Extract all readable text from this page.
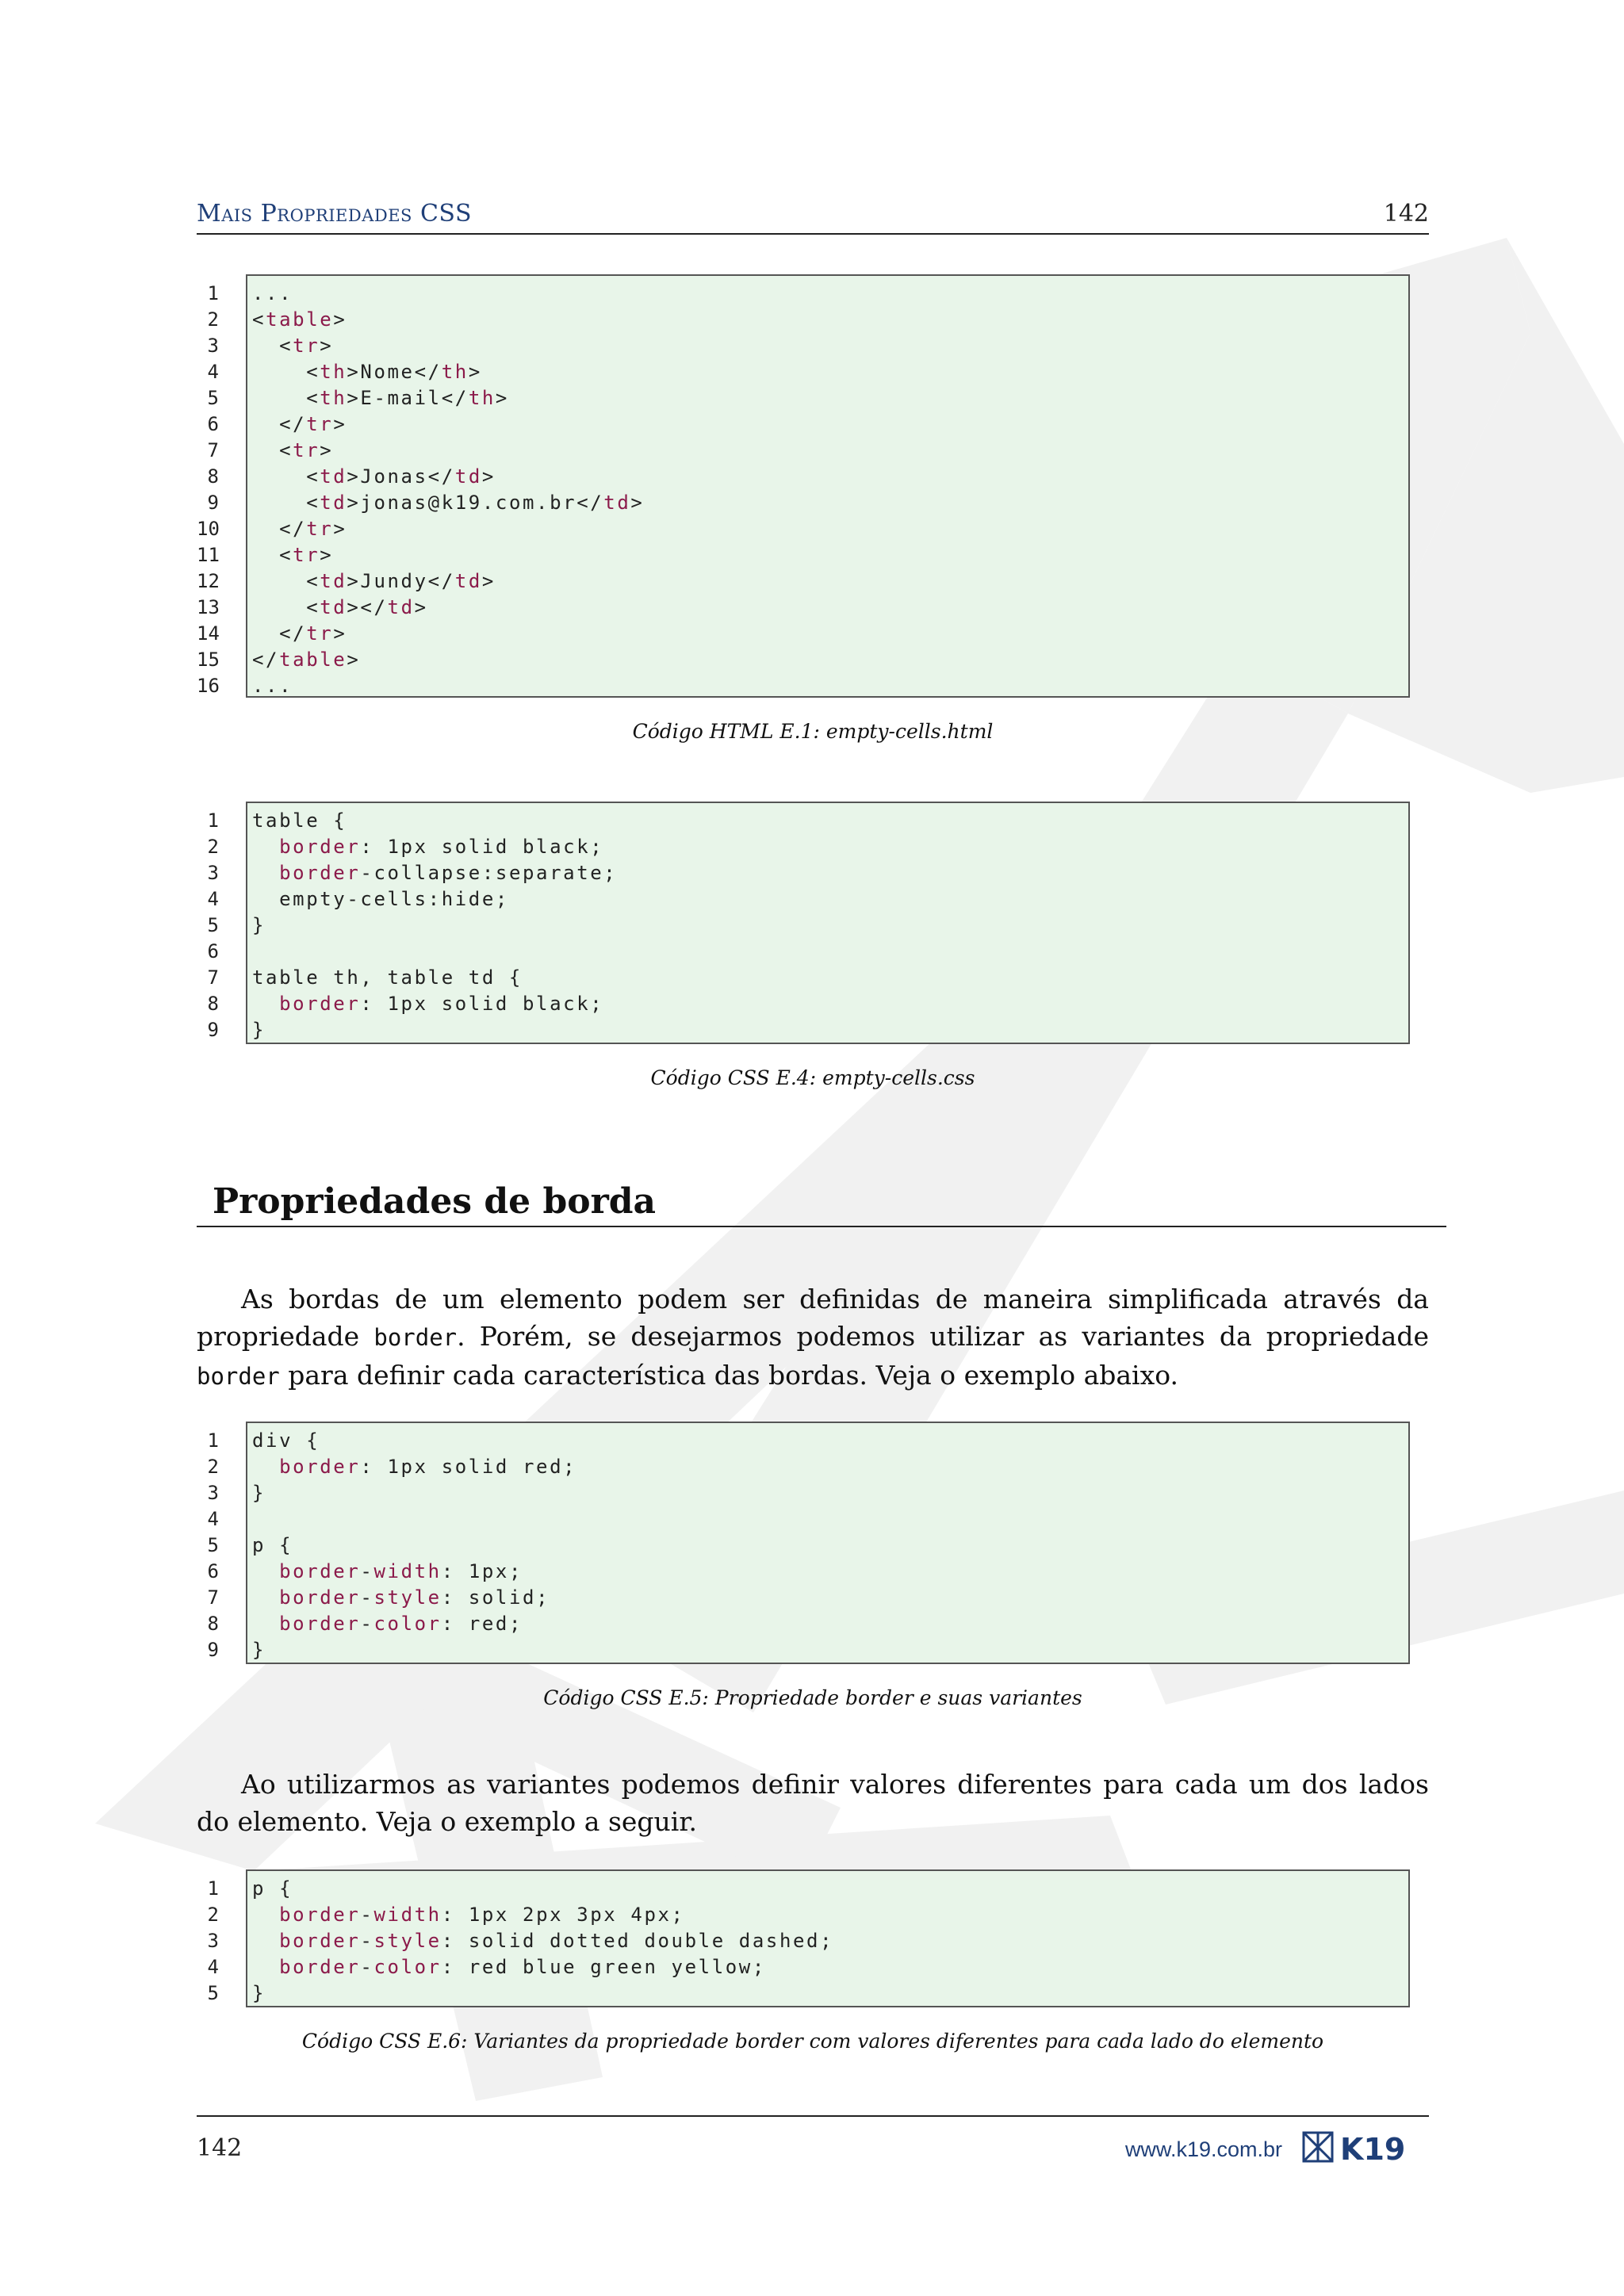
Mais Propriedades CSS	142
1 ...
2 <table>
3 <tr>
4 <th>Nome</th>
5 <th>E-mail</th>
6 </tr>
7 <tr>
8 <td>Jonas</td>
9 <td>jonas@k19.com.br</td>
10 </tr>
11 <tr>
12 <td>Jundy</td>
13 <td></td>
14 </tr>
15 </table>
16 ...
Código HTML E.1: empty-cells.html
1 table {
2	border: 1px solid black;
3	border-collapse:separate;
4 empty-cells:hide;
5 }
6
7 table th, table td {
8	border: 1px solid black;
9 }
Código CSS E.4: empty-cells.css
Propriedades de borda
As bordas de um elemento podem ser definidas de maneira simplificada através da propriedade border. Porém, se desejarmos podemos utilizar as variantes da propriedade border para definir cada característica das bordas. Veja o exemplo abaixo.
1 div {
2	border: 1px solid red;
3 }
4
5 p {
6	border-width: 1px;
7	border-style: solid;
8	border-color: red;
9 }
Código CSS E.5: Propriedade border e suas variantes
Ao utilizarmos as variantes podemos definir valores diferentes para cada um dos lados do elemento. Veja o exemplo a seguir.
1 p {
2	border-width: 1px 2px 3px 4px;
3	border-style: solid dotted double dashed;
4	border-color: red blue green yellow;
5 }
Código CSS E.6: Variantes da propriedade border com valores diferentes para cada lado do elemento
142	www.k19.com.br K19
